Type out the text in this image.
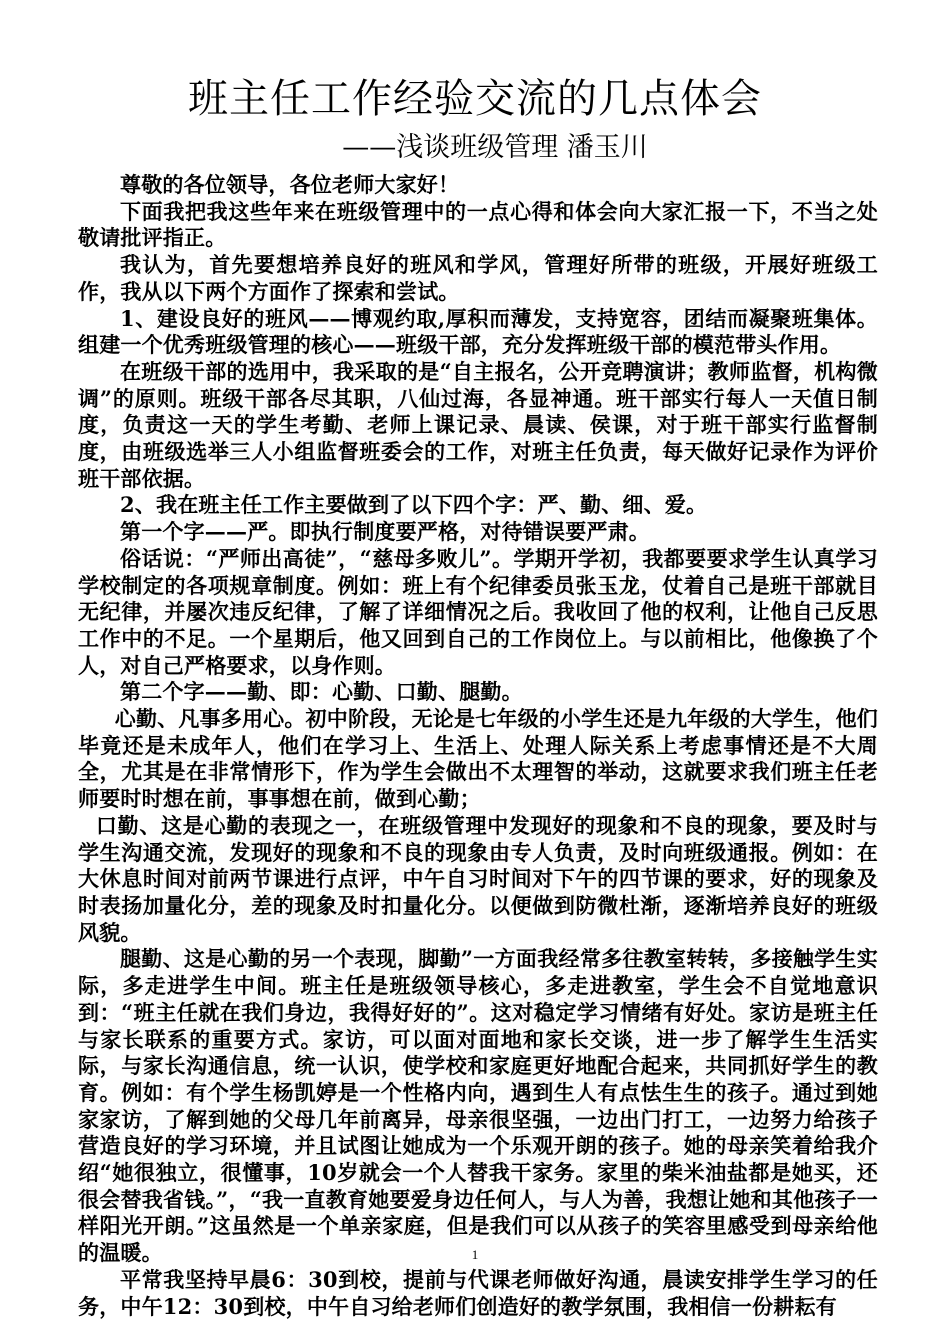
班主任工作经验交流的几点体会
——浅谈班级管理 潘玉川

尊敬的各位领导，各位老师大家好！

下面我把我这些年来在班级管理中的一点心得和体会向大家汇报一下，不当之处敬请批评指正。

我认为，首先要想培养良好的班风和学风，管理好所带的班级，开展好班级工作，我从以下两个方面作了探索和尝试。

1、建设良好的班风——博观约取,厚积而薄发，支持宽容，团结而凝聚班集体。组建一个优秀班级管理的核心——班级干部，充分发挥班级干部的模范带头作用。

在班级干部的选用中，我采取的是“自主报名，公开竞聘演讲；教师监督，机构微调”的原则。班级干部各尽其职，八仙过海，各显神通。班干部实行每人一天值日制度，负责这一天的学生考勤、老师上课记录、晨读、侯课，对于班干部实行监督制度，由班级选举三人小组监督班委会的工作，对班主任负责，每天做好记录作为评价班干部依据。

2、我在班主任工作主要做到了以下四个字：严、勤、细、爱。

第一个字——严。即执行制度要严格，对待错误要严肃。

俗话说：“严师出高徒”，“慈母多败儿”。学期开学初，我都要要求学生认真学习学校制定的各项规章制度。例如：班上有个纪律委员张玉龙，仗着自己是班干部就目无纪律，并屡次违反纪律，了解了详细情况之后。我收回了他的权利，让他自己反思工作中的不足。一个星期后，他又回到自己的工作岗位上。与以前相比，他像换了个人，对自己严格要求，以身作则。

第二个字——勤、即：心勤、口勤、腿勤。

心勤、凡事多用心。初中阶段，无论是七年级的小学生还是九年级的大学生，他们毕竟还是未成年人，他们在学习上、生活上、处理人际关系上考虑事情还是不大周全，尤其是在非常情形下，作为学生会做出不太理智的举动，这就要求我们班主任老师要时时想在前，事事想在前，做到心勤；

口勤、这是心勤的表现之一，在班级管理中发现好的现象和不良的现象，要及时与学生沟通交流，发现好的现象和不良的现象由专人负责，及时向班级通报。例如：在大休息时间对前两节课进行点评，中午自习时间对下午的四节课的要求，好的现象及时表扬加量化分，差的现象及时扣量化分。以便做到防微杜渐，逐渐培养良好的班级风貌。

腿勤、这是心勤的另一个表现，脚勤”一方面我经常多往教室转转，多接触学生实际，多走进学生中间。班主任是班级领导核心，多走进教室，学生会不自觉地意识到：“班主任就在我们身边，我得好好的”。这对稳定学习情绪有好处。家访是班主任与家长联系的重要方式。家访，可以面对面地和家长交谈，进一步了解学生生活实际，与家长沟通信息，统一认识，使学校和家庭更好地配合起来，共同抓好学生的教育。例如：有个学生杨凯婷是一个性格内向，遇到生人有点怯生生的孩子。通过到她家家访，了解到她的父母几年前离异，母亲很坚强，一边出门打工，一边努力给孩子营造良好的学习环境，并且试图让她成为一个乐观开朗的孩子。她的母亲笑着给我介绍“她很独立，很懂事，10岁就会一个人替我干家务。家里的柴米油盐都是她买，还很会替我省钱。”，“我一直教育她要爱身边任何人，与人为善，我想让她和其他孩子一样阳光开朗。”这虽然是一个单亲家庭，但是我们可以从孩子的笑容里感受到母亲给他的温暖。

平常我坚持早晨6：30到校，提前与代课老师做好沟通，晨读安排学生学习的任务，中午12：30到校，中午自习给老师们创造好的教学氛围，我相信一份耕耘有

1
